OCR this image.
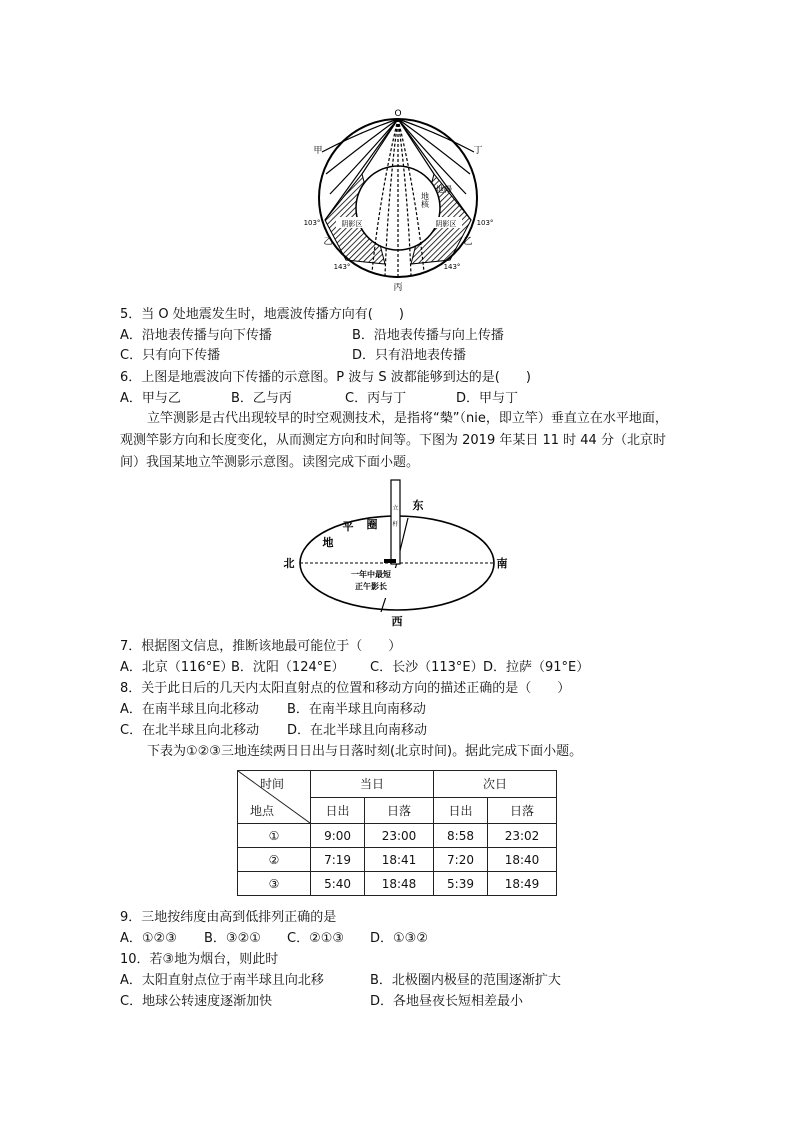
O
甲	丁
103°	103°
乙	乙
143°	143°
丙
阴影区	阴影区
地幔
地核
5．当 O 处地震发生时，地震波传播方向有(　　)
A．沿地表传播与向下传播	B．沿地表传播与向上传播
C．只有向下传播	D．只有沿地表传播
6．上图是地震波向下传播的示意图。P 波与 S 波都能够到达的是(　　)
A．甲与乙	B．乙与丙	C．丙与丁	D．甲与丁
立竿测影是古代出现较早的时空观测技术，是指将“槷”（nie，即立竿）垂直立在水平地面，观测竿影方向和长度变化，从而测定方向和时间等。下图为 2019 年某日 11 时 44 分（北京时间）我国某地立竿测影示意图。读图完成下面小题。
立
杆
一年中最短
正午影长
平 圈
地
北	南
东
西
7．根据图文信息，推断该地最可能位于（　　）
A．北京（116°E）
B．沈阳（124°E） C．长沙（113°E） D．拉萨（91°E）
8．关于此日后的几天内太阳直射点的位置和移动方向的描述正确的是（　　）
A．在南半球且向北移动 B．在南半球且向南移动
C．在北半球且向北移动 D．在北半球且向南移动
下表为①②③三地连续两日日出与日落时刻(北京时间)。据此完成下面小题。
时间
地点	当日		次日	
	日出	日落	日出	日落
①	9:00	23:00	8:58	23:02
②	7:19	18:41	7:20	18:40
③	5:40	18:48	5:39	18:49
9．三地按纬度由高到低排列正确的是
A．①②③ B．③②① C．②①③ D．①③②
10．若③地为烟台，则此时
A．太阳直射点位于南半球且向北移	B．北极圈内极昼的范围逐渐扩大
C．地球公转速度逐渐加快	D．各地昼夜长短相差最小
